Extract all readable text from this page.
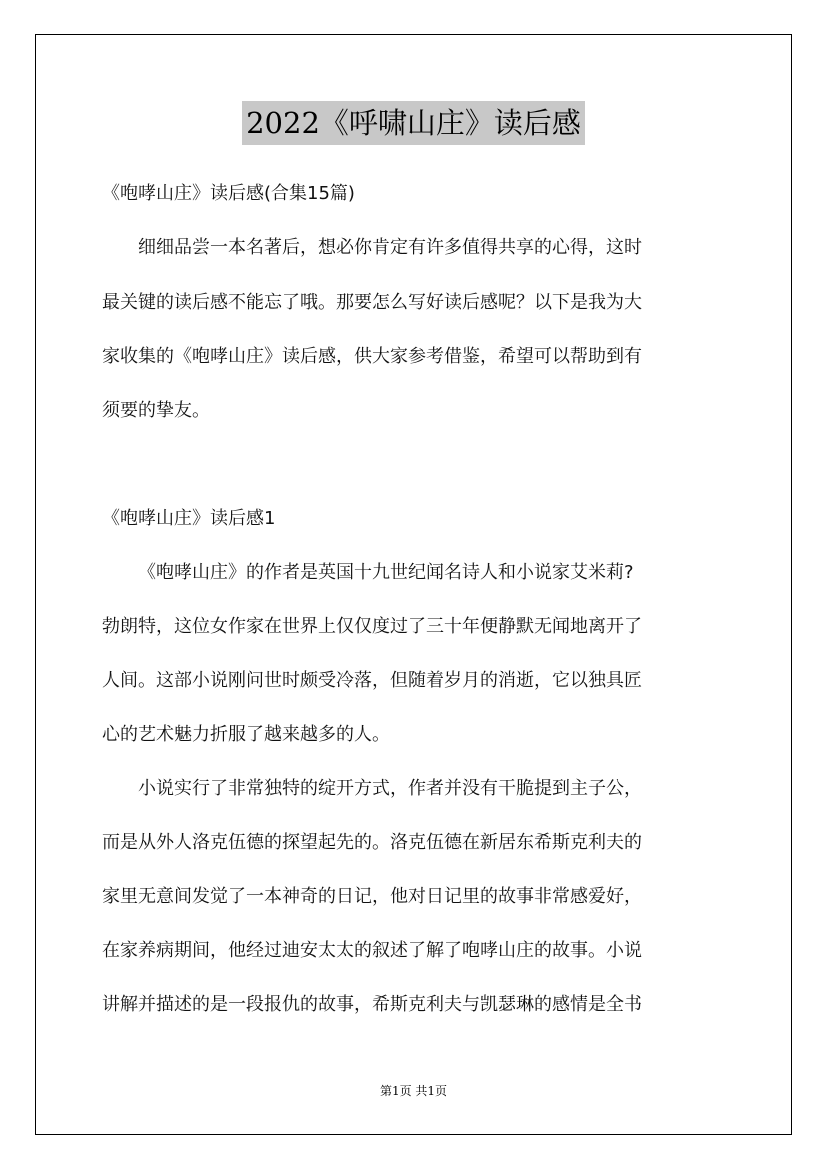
2022《呼啸山庄》读后感

《咆哮山庄》读后感(合集15篇)

细细品尝一本名著后，想必你肯定有许多值得共享的心得，这时

最关键的读后感不能忘了哦。那要怎么写好读后感呢？以下是我为大

家收集的《咆哮山庄》读后感，供大家参考借鉴，希望可以帮助到有

须要的挚友。

《咆哮山庄》读后感1

《咆哮山庄》的作者是英国十九世纪闻名诗人和小说家艾米莉?

勃朗特，这位女作家在世界上仅仅度过了三十年便静默无闻地离开了

人间。这部小说刚问世时颇受冷落，但随着岁月的消逝，它以独具匠

心的艺术魅力折服了越来越多的人。

小说实行了非常独特的绽开方式，作者并没有干脆提到主子公，

而是从外人洛克伍德的探望起先的。洛克伍德在新居东希斯克利夫的

家里无意间发觉了一本神奇的日记，他对日记里的故事非常感爱好，

在家养病期间，他经过迪安太太的叙述了解了咆哮山庄的故事。小说

讲解并描述的是一段报仇的故事，希斯克利夫与凯瑟琳的感情是全书

第1页 共1页
